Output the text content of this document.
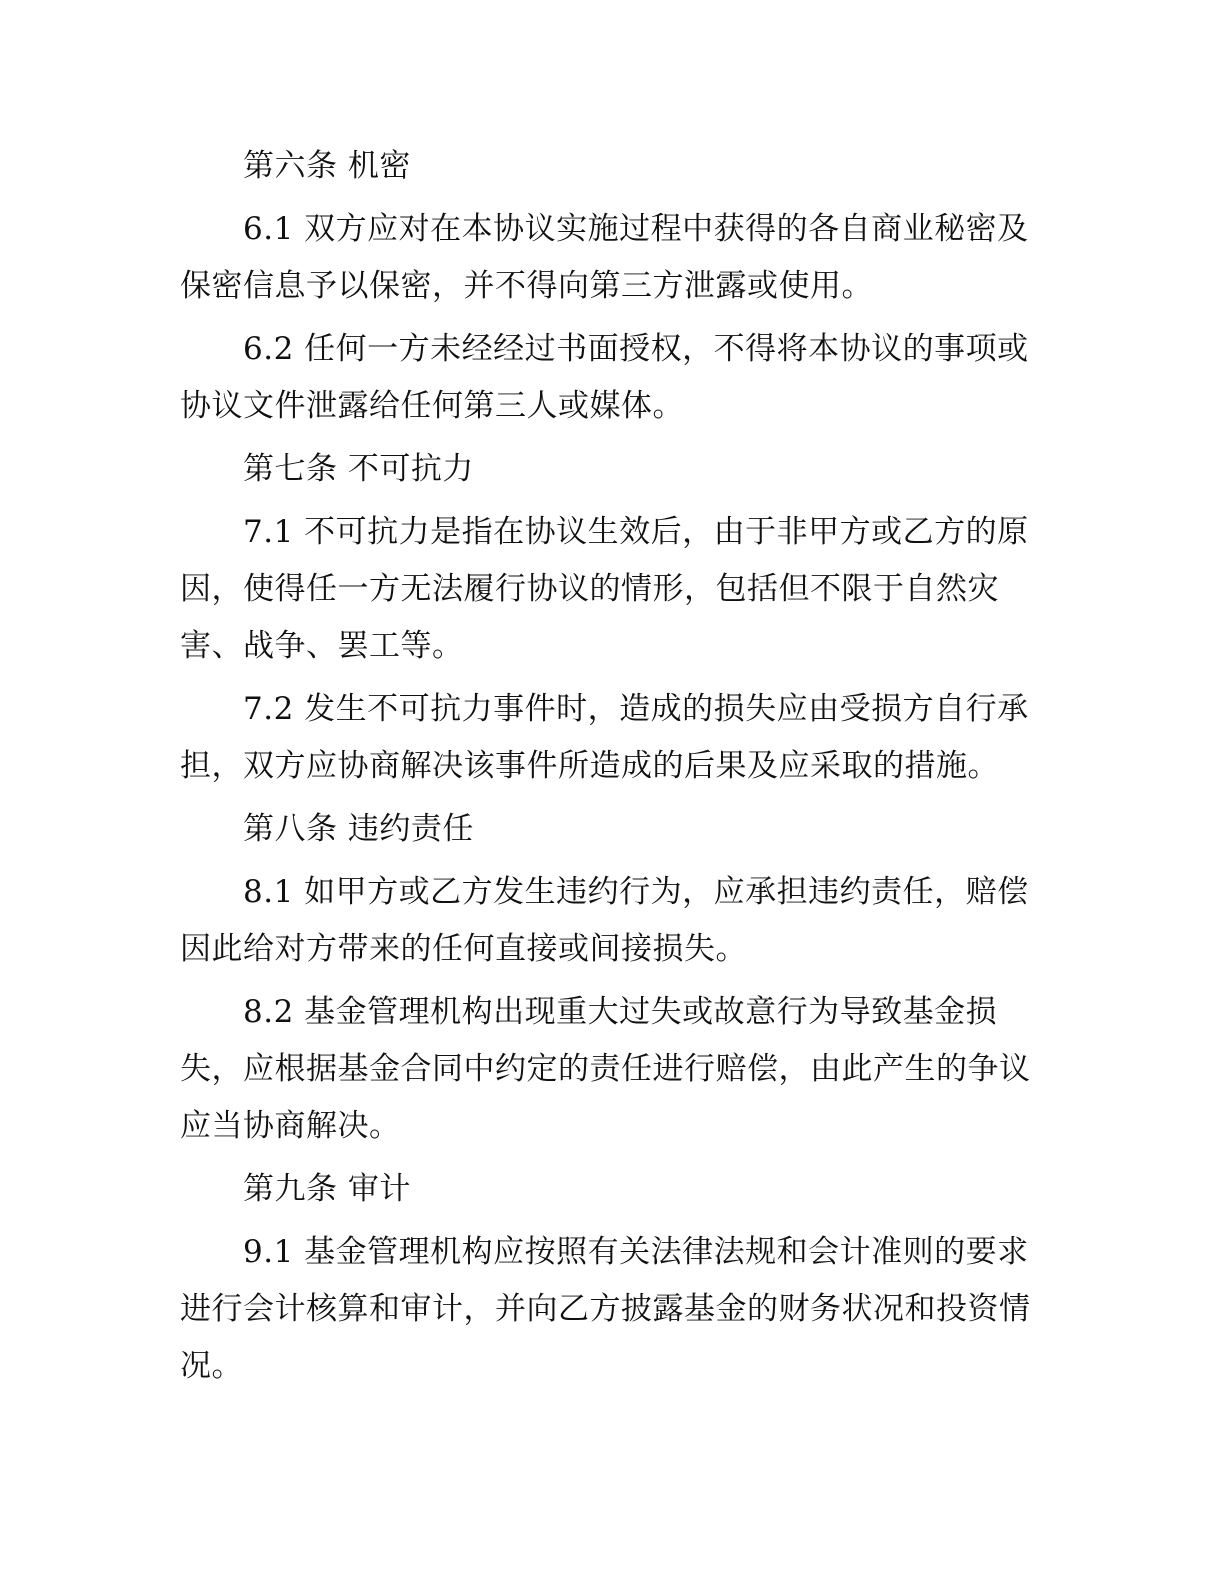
第六条 机密

6.1 双方应对在本协议实施过程中获得的各自商业秘密及保密信息予以保密，并不得向第三方泄露或使用。

6.2 任何一方未经经过书面授权，不得将本协议的事项或协议文件泄露给任何第三人或媒体。

第七条 不可抗力

7.1 不可抗力是指在协议生效后，由于非甲方或乙方的原因，使得任一方无法履行协议的情形，包括但不限于自然灾害、战争、罢工等。

7.2 发生不可抗力事件时，造成的损失应由受损方自行承担，双方应协商解决该事件所造成的后果及应采取的措施。

第八条 违约责任

8.1 如甲方或乙方发生违约行为，应承担违约责任，赔偿因此给对方带来的任何直接或间接损失。

8.2 基金管理机构出现重大过失或故意行为导致基金损失，应根据基金合同中约定的责任进行赔偿，由此产生的争议应当协商解决。

第九条 审计

9.1 基金管理机构应按照有关法律法规和会计准则的要求进行会计核算和审计，并向乙方披露基金的财务状况和投资情况。
